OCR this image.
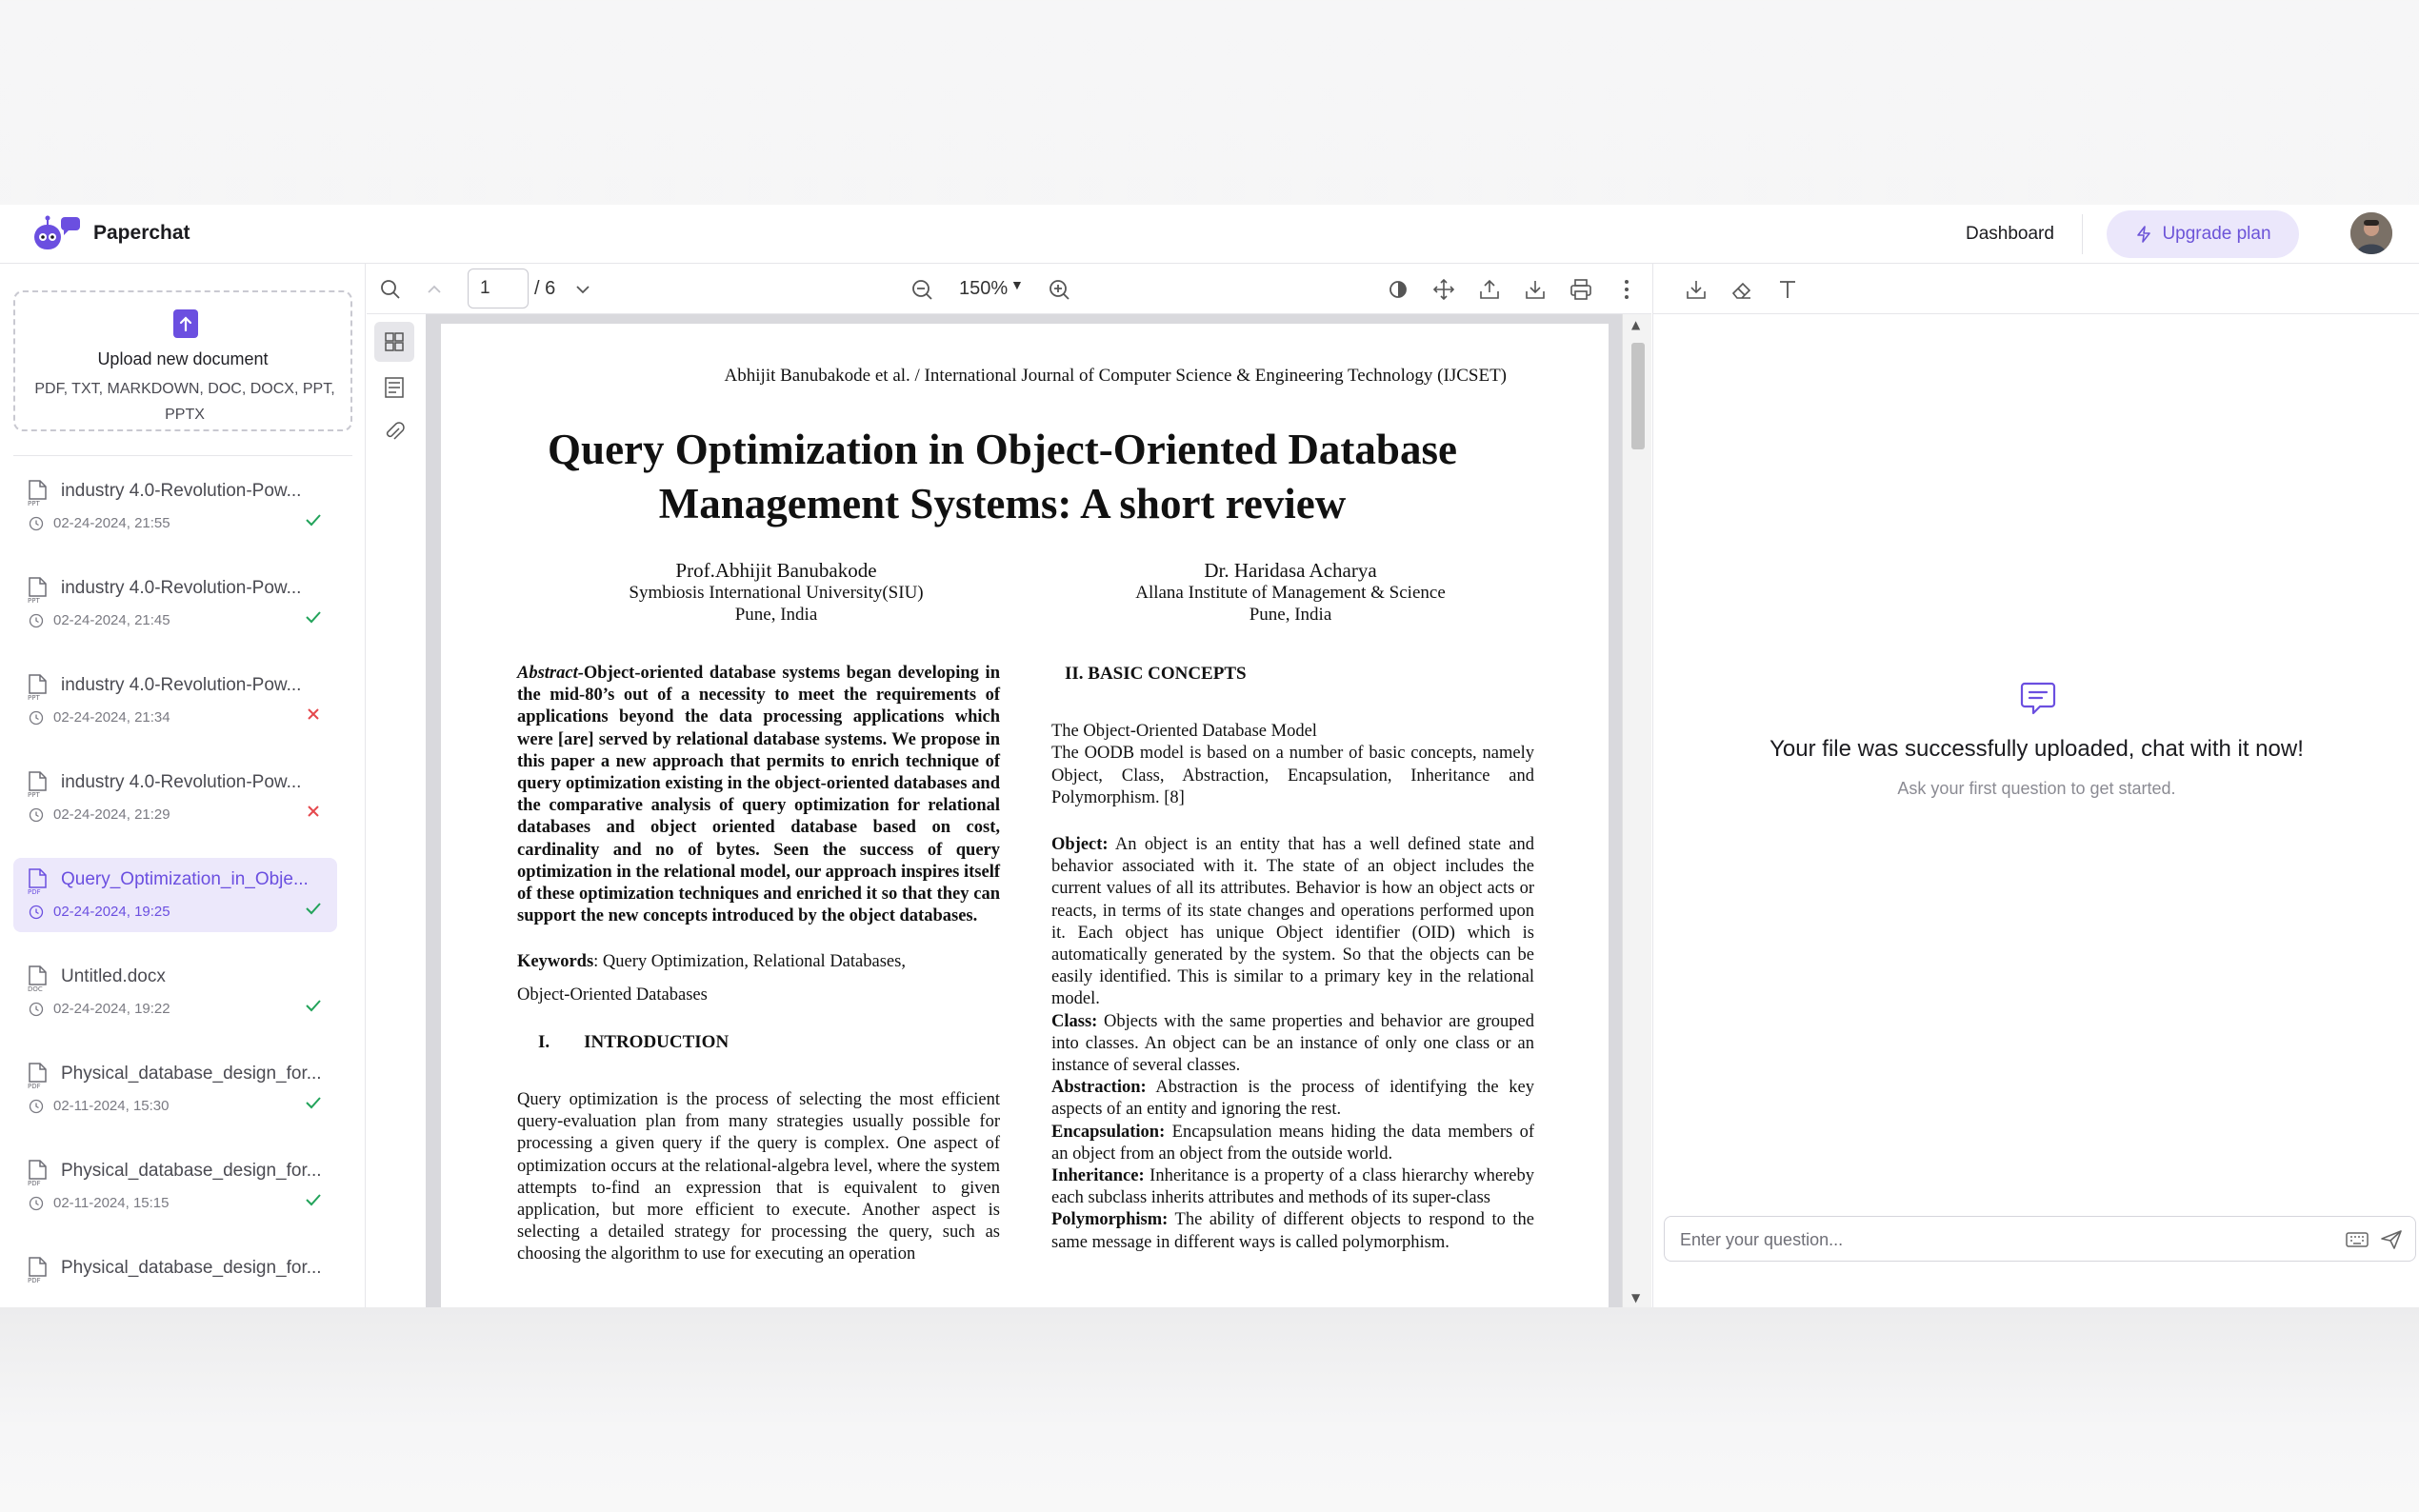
Paperchat	Dashboard	Upgrade plan
Upload new document
PDF, TXT, MARKDOWN, DOC, DOCX, PPT, PPTX
PPT
industry 4.0-Revolution-Pow...
02-24-2024, 21:55
PPT
industry 4.0-Revolution-Pow...
02-24-2024, 21:45
PPT
industry 4.0-Revolution-Pow...
02-24-2024, 21:34
PPT
industry 4.0-Revolution-Pow...
02-24-2024, 21:29
PDF
Query_Optimization_in_Obje...
02-24-2024, 19:25
DOC
Untitled.docx
02-24-2024, 19:22
PDF
Physical_database_design_for...
02-11-2024, 15:30
PDF
Physical_database_design_for...
02-11-2024, 15:15
PDF
Physical_database_design_for...
1
/ 6	150% ▼
Abhijit Banubakode et al. / International Journal of Computer Science & Engineering Technology (IJCSET)
Query Optimization in Object-Oriented Database Management Systems: A short review
Prof.Abhijit Banubakode
Symbiosis International University(SIU)
Pune, India
Dr. Haridasa Acharya
Allana Institute of Management & Science
Pune, India

Abstract-Object-oriented database systems began developing in the mid-80’s out of a necessity to meet the requirements of applications beyond the data processing applications which were [are] served by relational database systems. We propose in this paper a new approach that permits to enrich technique of query optimization existing in the object-oriented databases and the comparative analysis of query optimization for relational databases and object oriented database based on cost, cardinality and no of bytes. Seen the success of query optimization in the relational model, our approach inspires itself of these optimization techniques and enriched it so that they can support the new concepts introduced by the object databases.

Keywords: Query Optimization, Relational Databases,

Object-Oriented Databases

I. INTRODUCTION

Query optimization is the process of selecting the most efficient query-evaluation plan from many strategies usually possible for processing a given query if the query is complex. One aspect of optimization occurs at the relational-algebra level, where the system attempts to-find an expression that is equivalent to given application, but more efficient to execute. Another aspect is selecting a detailed strategy for processing the query, such as choosing the algorithm to use for executing an operation

II. BASIC CONCEPTS

The Object-Oriented Database Model

The OODB model is based on a number of basic concepts, namely Object, Class, Abstraction, Encapsulation, Inheritance and Polymorphism. [8]

Object: An object is an entity that has a well defined state and behavior associated with it. The state of an object includes the current values of all its attributes. Behavior is how an object acts or reacts, in terms of its state changes and operations performed upon it. Each object has unique Object identifier (OID) which is automatically generated by the system. So that the objects can be easily identified. This is similar to a primary key in the relational model.

Class: Objects with the same properties and behavior are grouped into classes. An object can be an instance of only one class or an instance of several classes.

Abstraction: Abstraction is the process of identifying the key aspects of an entity and ignoring the rest.

Encapsulation: Encapsulation means hiding the data members of an object from an object from the outside world.

Inheritance: Inheritance is a property of a class hierarchy whereby each subclass inherits attributes and methods of its super-class

Polymorphism: The ability of different objects to respond to the same message in different ways is called polymorphism.

▲
▼
Your file was successfully uploaded, chat with it now!
Ask your first question to get started.
Enter your question...
